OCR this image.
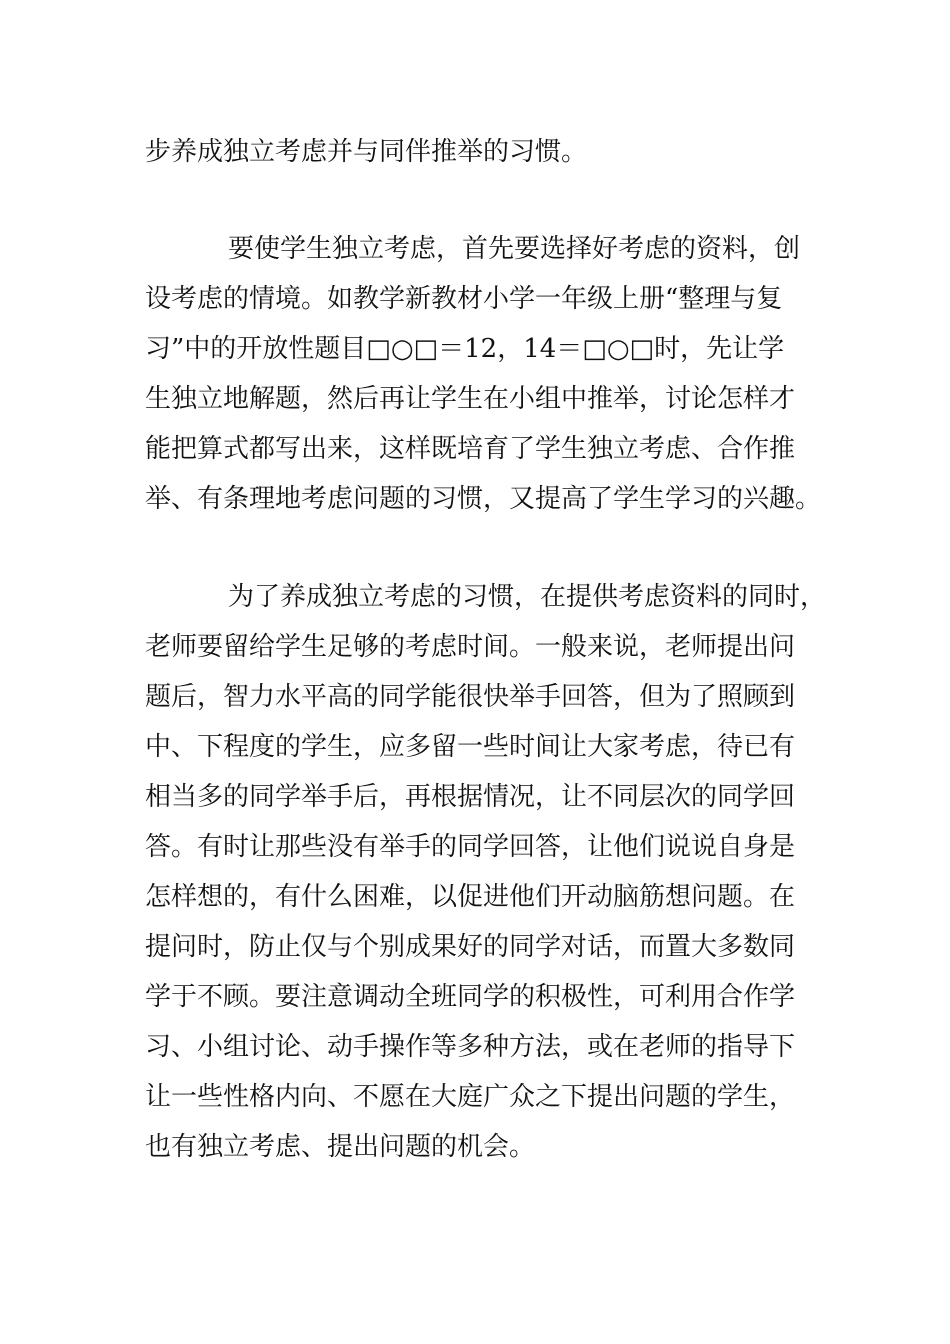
步养成独立考虑并与同伴推举的习惯。
要使学生独立考虑，首先要选择好考虑的资料，创
设考虑的情境。如教学新教材小学一年级上册“整理与复
习”中的开放性题目□○□＝12，14＝□○□时，先让学
生独立地解题，然后再让学生在小组中推举，讨论怎样才
能把算式都写出来，这样既培育了学生独立考虑、合作推
举、有条理地考虑问题的习惯，又提高了学生学习的兴趣。
为了养成独立考虑的习惯，在提供考虑资料的同时，
老师要留给学生足够的考虑时间。一般来说，老师提出问
题后，智力水平高的同学能很快举手回答，但为了照顾到
中、下程度的学生，应多留一些时间让大家考虑，待已有
相当多的同学举手后，再根据情况，让不同层次的同学回
答。有时让那些没有举手的同学回答，让他们说说自身是
怎样想的，有什么困难，以促进他们开动脑筋想问题。在
提问时，防止仅与个别成果好的同学对话，而置大多数同
学于不顾。要注意调动全班同学的积极性，可利用合作学
习、小组讨论、动手操作等多种方法，或在老师的指导下
让一些性格内向、不愿在大庭广众之下提出问题的学生，
也有独立考虑、提出问题的机会。
